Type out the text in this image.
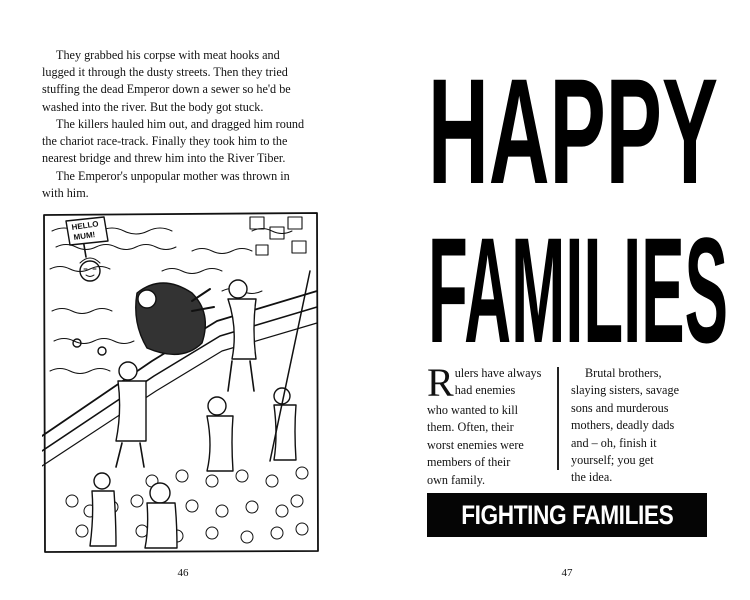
They grabbed his corpse with meat hooks and
lugged it through the dusty streets. Then they tried
stuffing the dead Emperor down a sewer so he'd be
washed into the river. But the body got stuck.

The killers hauled him out, and dragged him round
the chariot race-track. Finally they took him to the
nearest bridge and threw him into the River Tiber.

The Emperor's unpopular mother was thrown in
with him.

HELLO
MUM!
46
HAPPY
FAMILIES
R ulers have always
had enemies
who wanted to kill
them. Often, their
worst enemies were
members of their
own family.
Brutal brothers,
slaying sisters, savage
sons and murderous
mothers, deadly dads
and – oh, finish it
yourself; you get
the idea.
FIGHTING FAMILIES
47
